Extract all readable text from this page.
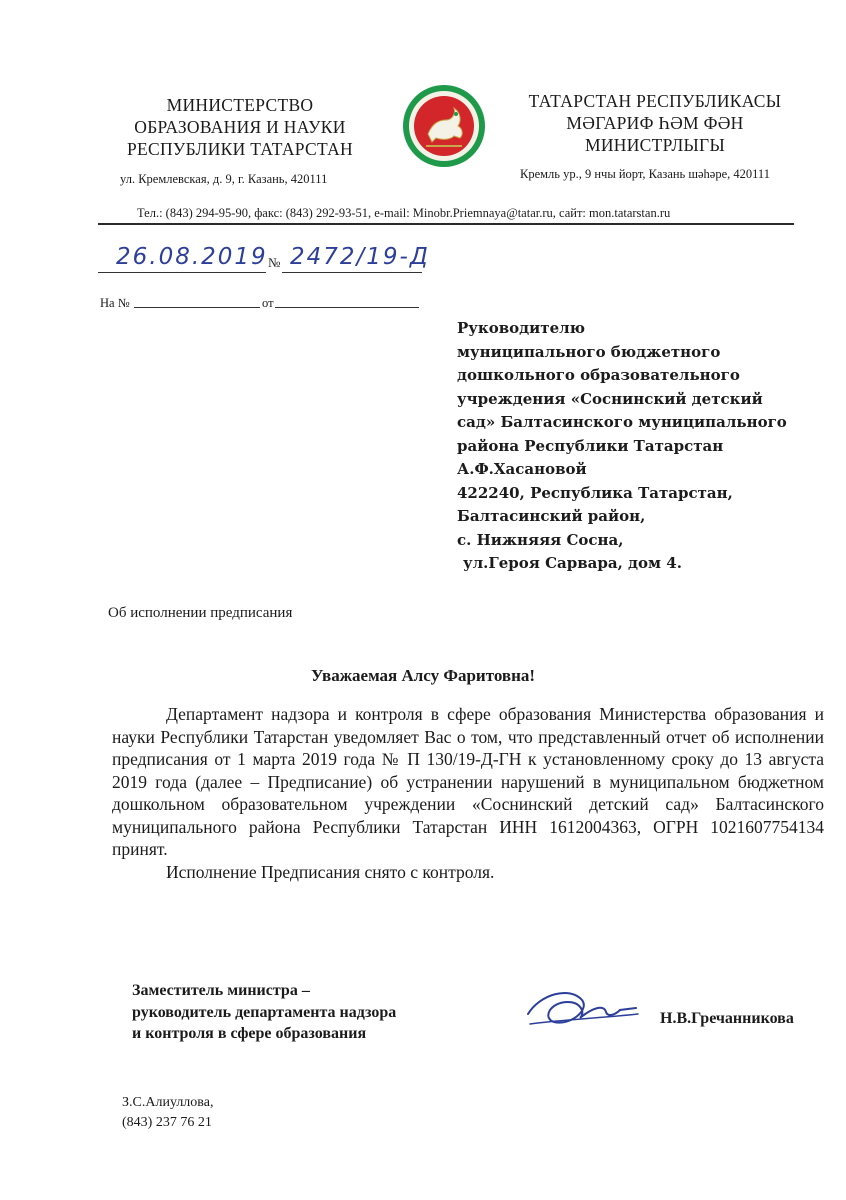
МИНИСТЕРСТВО
ОБРАЗОВАНИЯ И НАУКИ
РЕСПУБЛИКИ ТАТАРСТАН
ТАТАРСТАН РЕСПУБЛИКАСЫ
МӘГАРИФ ҺӘМ ФӘН
МИНИСТРЛЫГЫ
ул. Кремлевская, д. 9, г. Казань, 420111	Кремль ур., 9 нчы йорт, Казань шәһәре, 420111
Тел.: (843) 294-95-90, факс: (843) 292-93-51, e-mail: Minobr.Priemnaya@tatar.ru, сайт: mon.tatarstan.ru
26.08.2019 № 2472/19-Д
На №	от
Руководителю
муниципального бюджетного
дошкольного образовательного
учреждения «Соснинский детский
сад» Балтасинского муниципального
района Республики Татарстан
А.Ф.Хасановой
422240, Республика Татарстан,
Балтасинский район,
с. Нижняяя Сосна,
ул.Героя Сарвара, дом 4.
Об исполнении предписания
Уважаемая Алсу Фаритовна!

Департамент надзора и контроля в сфере образования Министерства образования и науки Республики Татарстан уведомляет Вас о том, что представленный отчет об исполнении предписания от 1 марта 2019 года № П 130/19-Д-ГН к установленному сроку до 13 августа 2019 года (далее – Предписание) об устранении нарушений в муниципальном бюджетном дошкольном образовательном учреждении «Соснинский детский сад» Балтасинского муниципального района Республики Татарстан ИНН 1612004363, ОГРН 1021607754134 принят.

Исполнение Предписания снято с контроля.

Заместитель министра –
руководитель департамента надзора
и контроля в сфере образования
Н.В.Гречанникова
З.С.Алиуллова,
(843) 237 76 21
